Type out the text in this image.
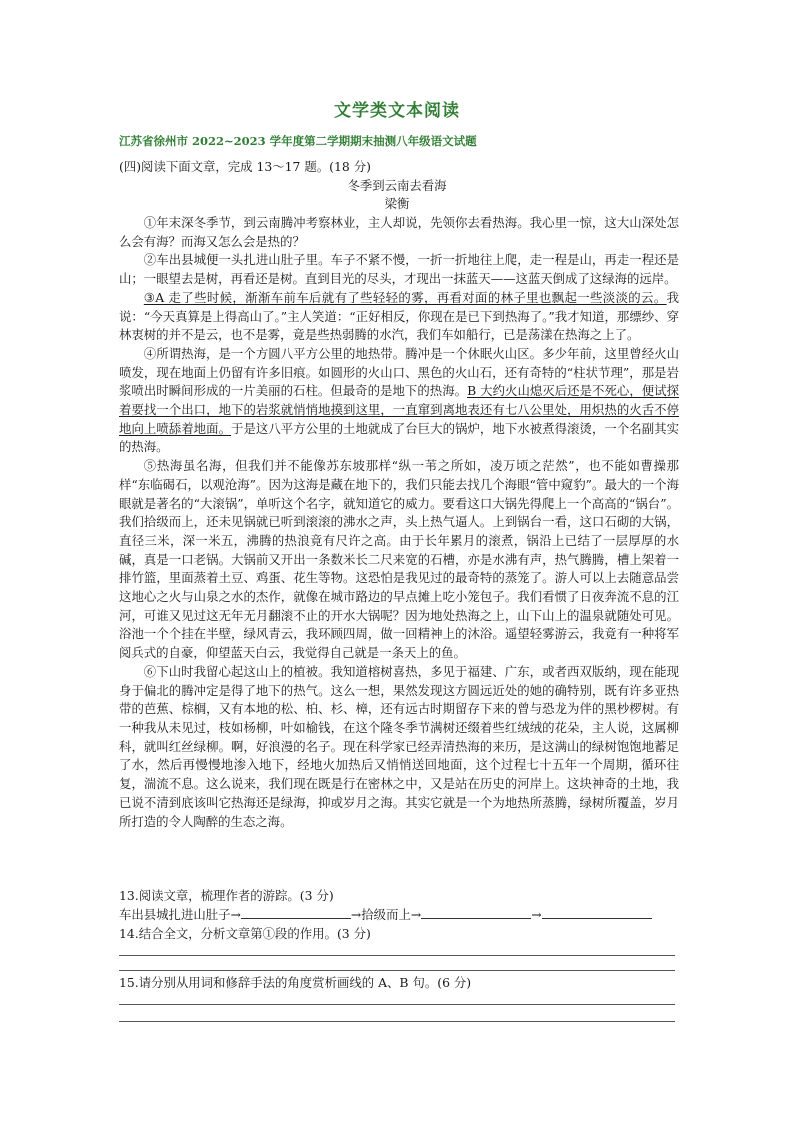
文学类文本阅读
江苏省徐州市 2022~2023 学年度第二学期期末抽测八年级语文试题
(四)阅读下面文章，完成 13～17 题。(18 分)
冬季到云南去看海
梁衡

①年末深冬季节，到云南腾冲考察林业，主人却说，先领你去看热海。我心里一惊，这大山深处怎么会有海？而海又怎么会是热的？

②车出县城便一头扎进山肚子里。车子不紧不慢，一折一折地往上爬，走一程是山，再走一程还是山；一眼望去是树，再看还是树。直到目光的尽头，才现出一抹蓝天——这蓝天倒成了这绿海的远岸。

③A 走了些时候，渐渐车前车后就有了些轻轻的雾，再看对面的林子里也飘起一些淡淡的云。我说：“今天真算是上得高山了。”主人笑道：“正好相反，你现在是已下到热海了。”我才知道，那缥纱、穿林衷树的并不是云，也不是雾，竟是些热弱腾的水汽，我们车如船行，已是荡漾在热海之上了。

④所谓热海，是一个方圆八平方公里的地热带。腾冲是一个休眠火山区。多少年前，这里曾经火山喷发，现在地面上仍留有许多旧痕。如圆形的火山口、黑色的火山石，还有奇特的“柱状节理”，那是岩浆喷出时瞬间形成的一片美丽的石柱。但最奇的是地下的热海。B 大约火山熄灭后还是不死心，便试探着要找一个出口，地下的岩浆就悄悄地摸到这里，一直窜到离地表还有七八公里处，用炽热的火舌不停地向上喷舔着地面。于是这八平方公里的土地就成了台巨大的锅炉，地下水被煮得滚烫，一个名副其实的热海。

⑤热海虽名海，但我们并不能像苏东坡那样“纵一苇之所如，凌万顷之茫然”，也不能如曹操那样“东临碣石，以观沧海”。因为这海是藏在地下的，我们只能去找几个海眼“管中窥豹”。最大的一个海眼就是著名的“大滚锅”，单听这个名字，就知道它的威力。要看这口大锅先得爬上一个高高的“锅台”。我们拾级而上，还未见锅就已听到滚滚的沸水之声，头上热气逼人。上到锅台一看，这口石砌的大锅，直径三米，深一米五，沸腾的热浪竟有尺许之高。由于长年累月的滚煮，锅沿上已结了一层厚厚的水碱，真是一口老锅。大锅前又开出一条数米长二尺来宽的石槽，亦是水沸有声，热气腾腾，槽上架着一排竹篮，里面蒸着土豆、鸡蛋、花生等物。这恐怕是我见过的最奇特的蒸笼了。游人可以上去随意品尝这地心之火与山泉之水的杰作，就像在城市路边的早点摊上吃小笼包子。我们看惯了日夜奔流不息的江河，可谁又见过这无年无月翻滚不止的开水大锅呢？因为地处热海之上，山下山上的温泉就随处可见。浴池一个个挂在半壁，绿风青云，我环顾四周，做一回精神上的沐浴。遥望轻雾游云，我竟有一种将军阅兵式的自豪，仰望蓝天白云，我觉得自己就是一条天上的鱼。

⑥下山时我留心起这山上的植被。我知道榕树喜热，多见于福建、广东，或者西双版纳，现在能现身于偏北的腾冲定是得了地下的热气。这么一想，果然发现这方圆远近处的她的确特别，既有许多亚热带的芭蕉、棕榈，又有本地的松、柏、杉、樟，还有远古时期留存下来的曾与恐龙为伴的黑杪椤树。有一种我从未见过，枝如杨柳，叶如榆钱，在这个隆冬季节满树还缀着些红绒绒的花朵，主人说，这属柳科，就叫红丝绿柳。啊，好浪漫的名子。现在科学家已经弄清热海的来历，是这满山的绿树饱饱地蓄足了水，然后再慢慢地渗入地下，经地火加热后又悄悄送回地面，这个过程七十五年一个周期，循环往复，湍流不息。这么说来，我们现在既是行在密林之中，又是站在历史的河岸上。这块神奇的土地，我已说不清到底该叫它热海还是绿海，抑或岁月之海。其实它就是一个为地热所蒸腾，绿树所覆盖，岁月所打造的令人陶醉的生态之海。

13.阅读文章，梳理作者的游踪。(3 分)
车出县城扎进山肚子→	→拾级而上→	→
14.结合全文，分析文章第①段的作用。(3 分)
15.请分别从用词和修辞手法的角度赏析画线的 A、B 句。(6 分)
